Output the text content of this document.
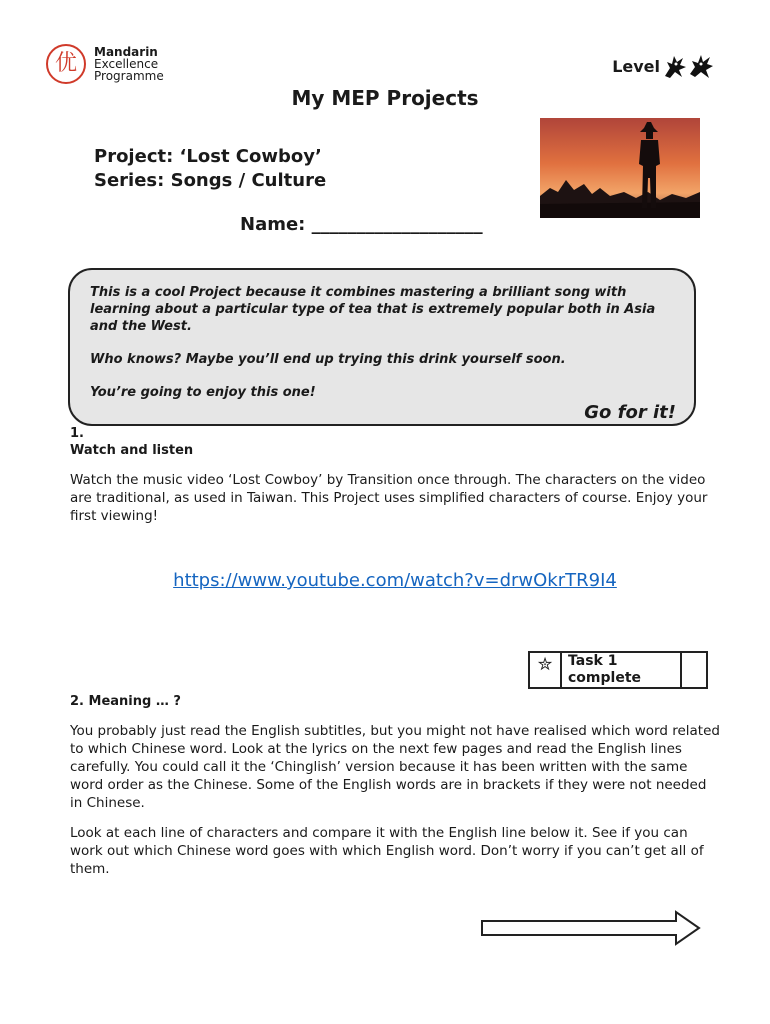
优	Mandarin
Excellence
Programme
Level
My MEP Projects
Project: ‘Lost Cowboy’
Series: Songs / Culture
Name: ___________________

This is a cool Project because it combines mastering a brilliant song with learning about a particular type of tea that is extremely popular both in Asia and the West.

Who knows? Maybe you’ll end up trying this drink yourself soon.

You’re going to enjoy this one!

Go for it!
1.
Watch and listen
Watch the music video ‘Lost Cowboy’ by Transition once through. The characters on the video are traditional, as used in Taiwan. This Project uses simplified characters of course. Enjoy your first viewing!
https://www.youtube.com/watch?v=drwOkrTR9I4
✮	Task 1 complete	
2. Meaning … ?
You probably just read the English subtitles, but you might not have realised which word related to which Chinese word. Look at the lyrics on the next few pages and read the English lines carefully. You could call it the ‘Chinglish’ version because it has been written with the same word order as the Chinese. Some of the English words are in brackets if they were not needed in Chinese.
Look at each line of characters and compare it with the English line below it. See if you can work out which Chinese word goes with which English word. Don’t worry if you can’t get all of them.
